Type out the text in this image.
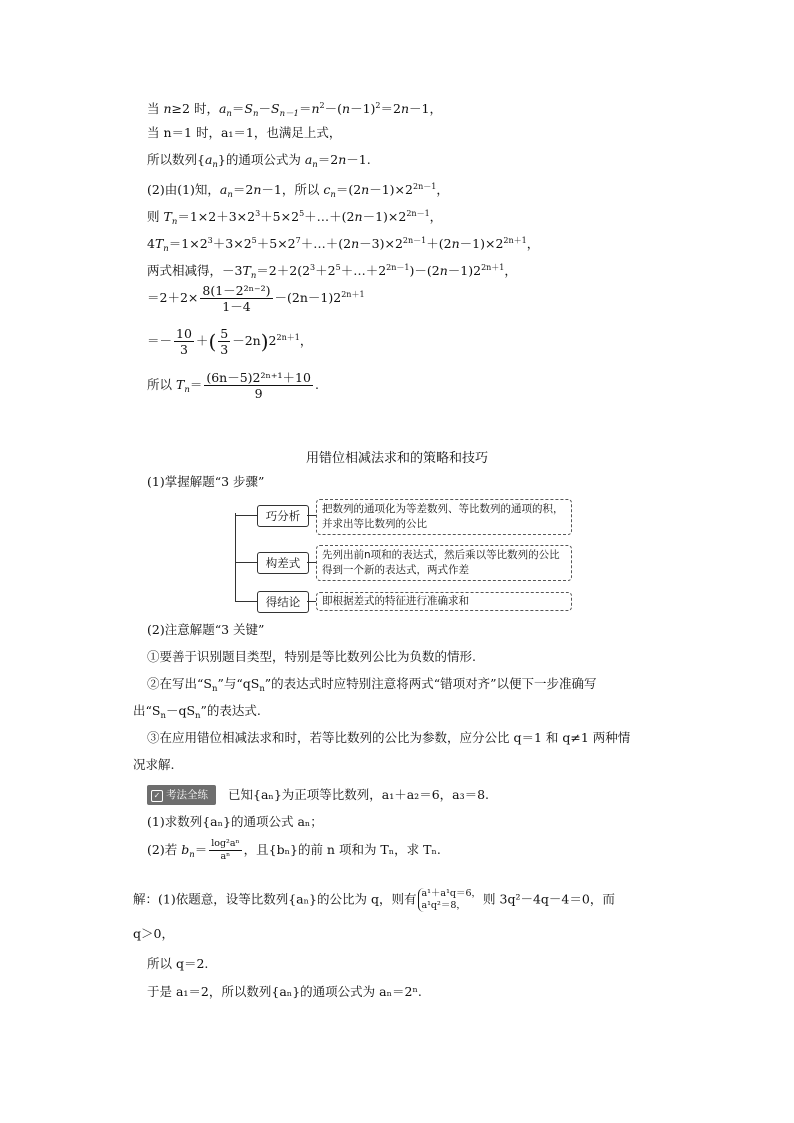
当 n≥2 时，$a_n=S_n-S_{n-1}=n^2-(n-1)^2=2n-1$，
当 n＝1 时，a₁＝1，也满足上式，
所以数列$\{a_n\}$的通项公式为 $a_n=2n-1$.
(2)由(1)知，$a_n=2n-1$，所以 $c_n=(2n-1)\times 2^{2n-1}$，
则 $T_n=1\times 2+3\times 2^3+5\times 2^5+\dots+(2n-1)\times 2^{2n-1}$，
$4T_n=1\times 2^3+3\times 2^5+5\times 2^7+\dots+(2n-3)\times 2^{2n-1}+(2n-1)\times 2^{2n+1}$，
两式相减得，$-3T_n=2+2(2^3+2^5+\dots+2^{2n-1})-(2n-1)2^{2n+1}$，
$=2+2\times \frac{\text{8(1－2²ⁿ⁻²)}}{1-4} -(2n-1)2^{2n+1}$
＝－ $\frac{10}{3}$ ＋( $\frac{5}{3} -2n)2^{2n+1}$，
所以 $T_n= \frac{\text{(6n－5)2²ⁿ⁺¹＋10}}{9}$ .
用错位相减法求和的策略和技巧
(1)掌握解题“3 步骤”
巧分析	把数列的通项化为等差数列、等比数列的通项的积，并求出等比数列的公比
构差式
先列出前n项和的表达式，然后乘以等比数列的公比得到一个新的表达式，两式作差
得结论	即根据差式的特征进行准确求和
(2)注意解题“3 关键”
①要善于识别题目类型，特别是等比数列公比为负数的情形.
②在写出“$S_n$”与“$qS_n$”的表达式时应特别注意将两式“错项对齐”以便下一步准确写
出“$S_n-qS_n$”的表达式.
③在应用错位相减法求和时，若等比数列的公比为参数，应分公比 q＝1 和 q≠1 两种情
况求解.
✓ 考法全练 已知{aₙ}为正项等比数列，a₁＋a₂＝6，a₃＝8.
(1)求数列{aₙ}的通项公式 aₙ；
(2)若 $b_n= \frac{\text{log²aⁿ}}{\text{aⁿ}}$ ，且{bₙ}的前 n 项和为 Tₙ，求 Tₙ.
解：(1)依题意，设等比数列{aₙ}的公比为 q，则有 a¹＋a¹q＝6，
a¹q²＝8，	则 3q²－4q－4＝0，而
q＞0，
所以 q＝2.
于是 a₁＝2，所以数列{aₙ}的通项公式为 aₙ＝2ⁿ.
